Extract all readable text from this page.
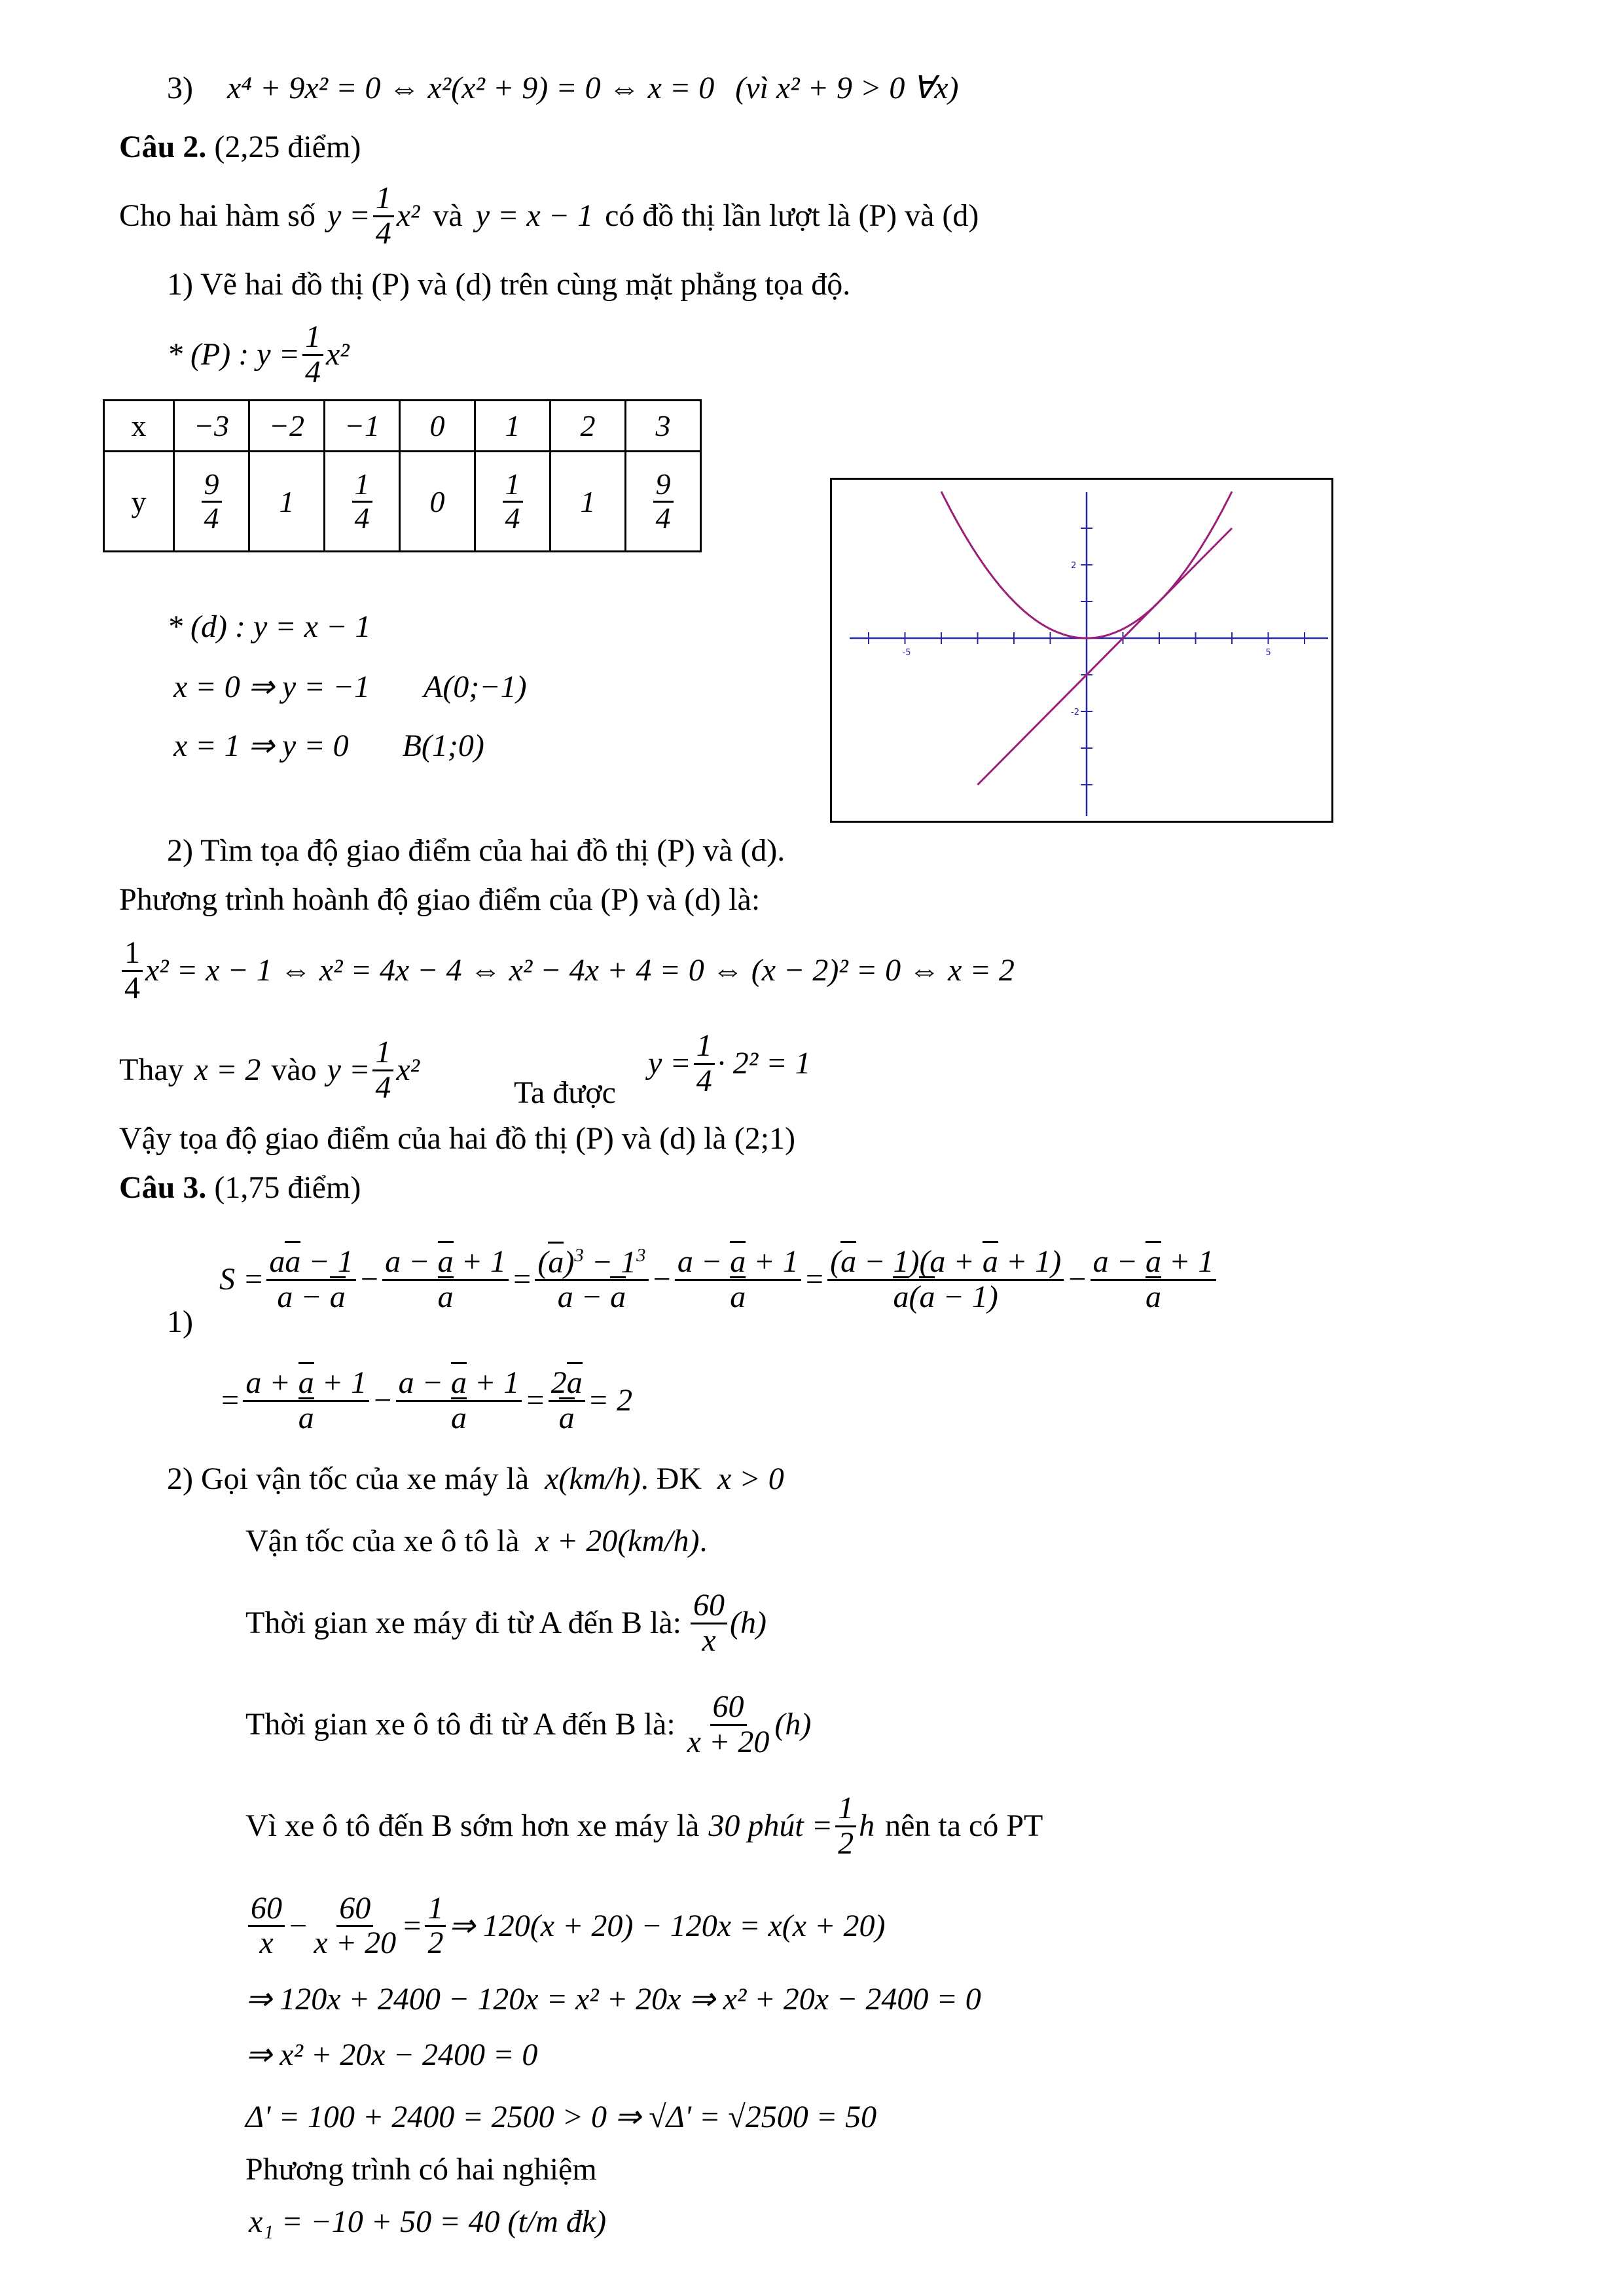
3) x⁴ + 9x² = 0 ⇔ x²(x² + 9) = 0 ⇔ x = 0 (vì x² + 9 > 0 ∀x)
Câu 2. (2,25 điểm)
Cho hai hàm số $y = \frac{1}{4} x^2$ và y = x − 1 có đồ thị lần lượt là (P) và (d)
1) Vẽ hai đồ thị (P) và (d) trên cùng mặt phẳng tọa độ.
* (P) : $y = \frac{1}{4} x^2$
x	−3	−2	−1	0	1	2	3
y	$\frac{9}{4}$	1	$\frac{1}{4}$	0	$\frac{1}{4}$	1	$\frac{9}{4}$
* (d) : y = x − 1
x = 0 ⇒ y = −1 A(0;−1)
x = 1 ⇒ y = 0 B(1;0)
-5	5
2
-2
2) Tìm tọa độ giao điểm của hai đồ thị (P) và (d).
Phương trình hoành độ giao điểm của (P) và (d) là:
$\frac{1}{4} x^2 = x - 1$ ⇔ x² = 4x − 4 ⇔ x² − 4x + 4 = 0 ⇔ (x − 2)² = 0 ⇔ x = 2
Thay x = 2 vào $y = \frac{1}{4} x^2$
Ta được
$y = \frac{1}{4} \cdot 2^2 = 1$
Vậy tọa độ giao điểm của hai đồ thị (P) và (d) là (2;1)
Câu 3. (1,75 điểm)
$S = \frac{aa - 1}{a - a} - \frac{a - a + 1}{a} = \frac{(a)^3 - 1^3}{a - a} - \frac{a - a + 1}{a} = \frac{(a - 1)(a + a + 1)}{a(a - 1)} - \frac{a - a + 1}{a}$
1)
= $\frac{a + a + 1}{a} - \frac{a - a + 1}{a} = \frac{2a}{a} = 2$
2) Gọi vận tốc của xe máy là x(km/h). ĐK x > 0
Vận tốc của xe ô tô là x + 20(km/h).
Thời gian xe máy đi từ A đến B là: $\frac{60}{x} (h)$
Thời gian xe ô tô đi từ A đến B là: $\frac{60}{x + 20} (h)$
Vì xe ô tô đến B sớm hơn xe máy là 30 phút = $\frac{1}{2}$ h nên ta có PT
$\frac{60}{x} - \frac{60}{x + 20} = \frac{1}{2}$ ⇒ 120(x + 20) − 120x = x(x + 20)
⇒ 120x + 2400 − 120x = x² + 20x ⇒ x² + 20x − 2400 = 0
⇒ x² + 20x − 2400 = 0
Δ' = 100 + 2400 = 2500 > 0 ⇒ √Δ' = √2500 = 50
Phương trình có hai nghiệm
x₁ = −10 + 50 = 40 (t/m đk)
